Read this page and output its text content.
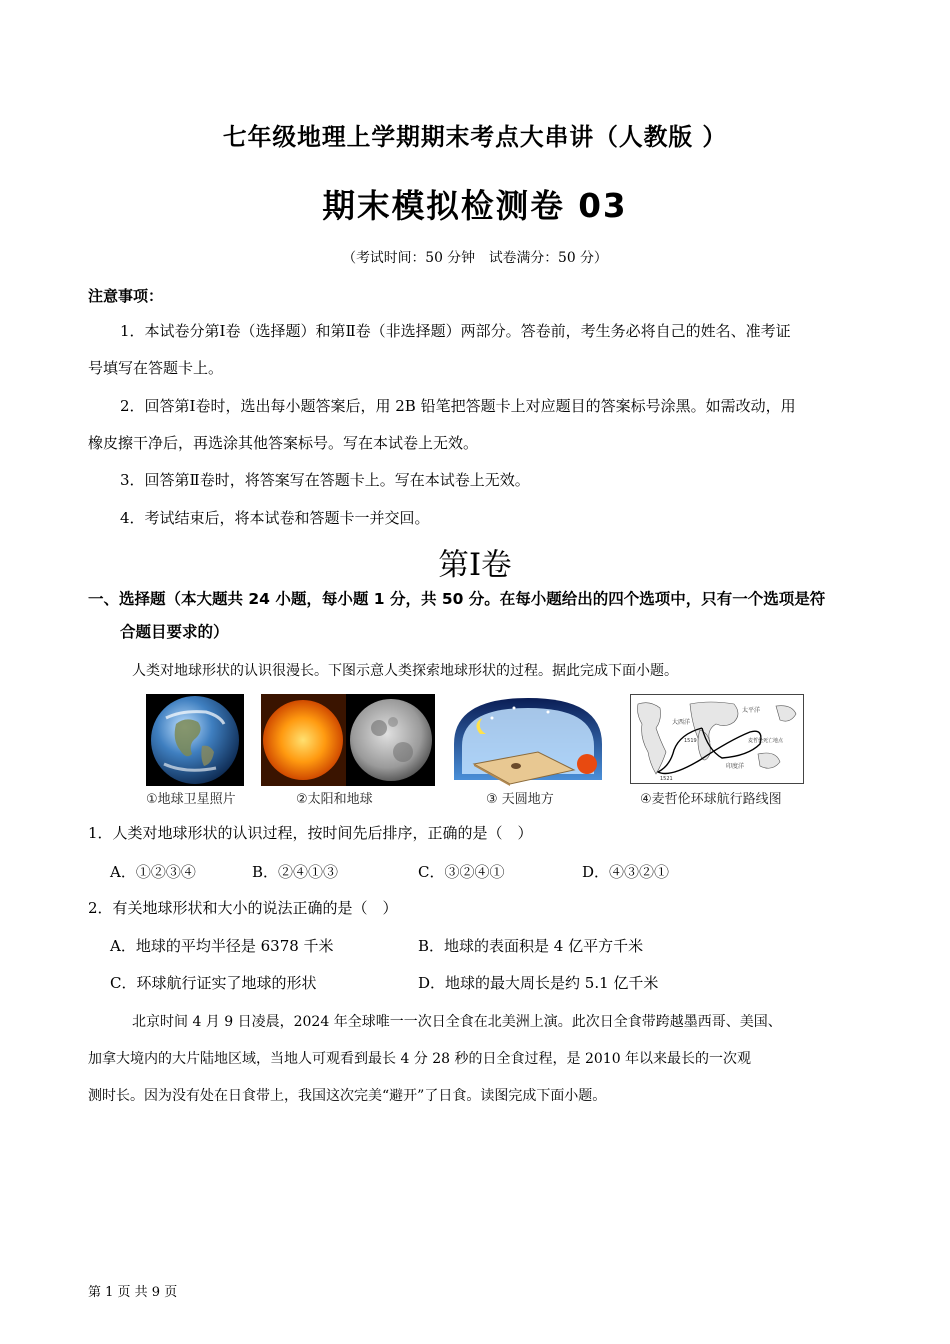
七年级地理上学期期末考点大串讲（人教版 ）
期末模拟检测卷 03
（考试时间：50 分钟　试卷满分：50 分）
注意事项：
1．本试卷分第Ⅰ卷（选择题）和第Ⅱ卷（非选择题）两部分。答卷前，考生务必将自己的姓名、准考证
号填写在答题卡上。
2．回答第Ⅰ卷时，选出每小题答案后，用 2B 铅笔把答题卡上对应题目的答案标号涂黑。如需改动，用
橡皮擦干净后，再选涂其他答案标号。写在本试卷上无效。
3．回答第Ⅱ卷时，将答案写在答题卡上。写在本试卷上无效。
4．考试结束后，将本试卷和答题卡一并交回。
第Ⅰ卷
一、选择题（本大题共 24 小题，每小题 1 分，共 50 分。在每小题给出的四个选项中，只有一个选项是符
合题目要求的）
人类对地球形状的认识很漫长。下图示意人类探索地球形状的过程。据此完成下面小题。
①地球卫星照片	②太阳和地球	③ 天圆地方
太平洋
大西洋
印度洋
1519
1521
麦哲伦死亡地点
④麦哲伦环球航行路线图
1．人类对地球形状的认识过程，按时间先后排序，正确的是（　）
A．①②③④	B．②④①③	C．③②④①	D．④③②①
2．有关地球形状和大小的说法正确的是（　）
A．地球的平均半径是 6378 千米	B．地球的表面积是 4 亿平方千米
C．环球航行证实了地球的形状	D．地球的最大周长是约 5.1 亿千米
北京时间 4 月 9 日凌晨，2024 年全球唯一一次日全食在北美洲上演。此次日全食带跨越墨西哥、美国、
加拿大境内的大片陆地区域，当地人可观看到最长 4 分 28 秒的日全食过程，是 2010 年以来最长的一次观
测时长。因为没有处在日食带上，我国这次完美“避开”了日食。读图完成下面小题。
第 1 页 共 9 页
